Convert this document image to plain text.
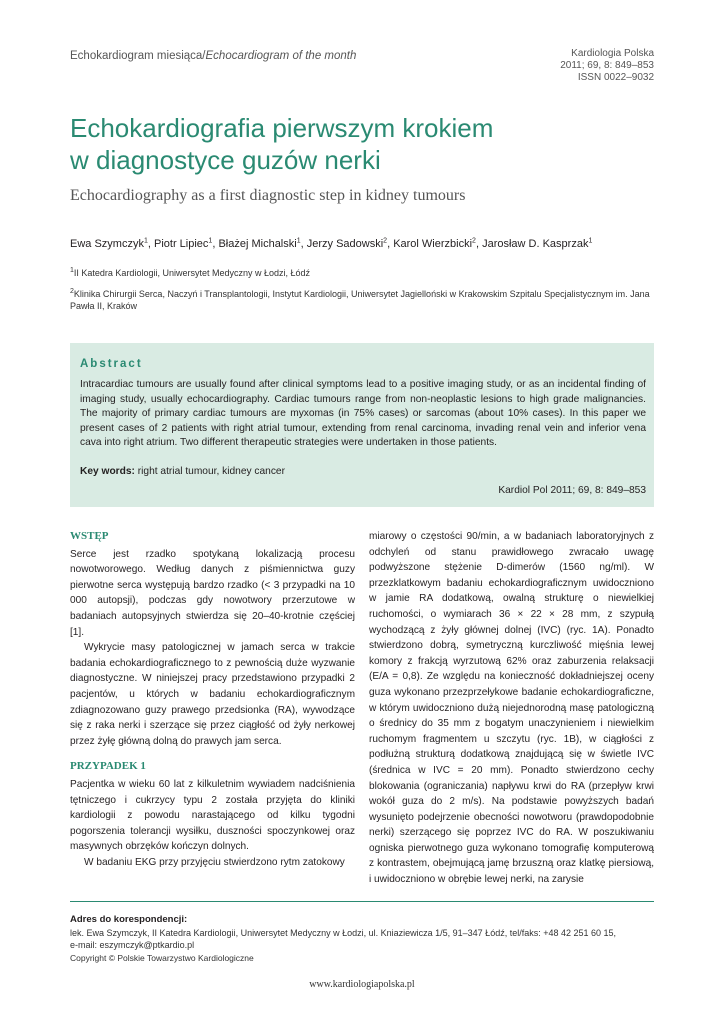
Echokardiogram miesiąca/Echocardiogram of the month	Kardiologia Polska
2011; 69, 8: 849–853
ISSN 0022–9032
Echokardiografia pierwszym krokiem
w diagnostyce guzów nerki
Echocardiography as a first diagnostic step in kidney tumours
Ewa Szymczyk$^1$, Piotr Lipiec$^1$, Błażej Michalski$^1$, Jerzy Sadowski$^2$, Karol Wierzbicki$^2$, Jarosław D. Kasprzak$^1$
$^1$II Katedra Kardiologii, Uniwersytet Medyczny w Łodzi, Łódź
$^2$Klinika Chirurgii Serca, Naczyń i Transplantologii, Instytut Kardiologii, Uniwersytet Jagielloński w Krakowskim Szpitalu Specjalistycznym im. Jana Pawła II, Kraków
Abstract
Intracardiac tumours are usually found after clinical symptoms lead to a positive imaging study, or as an incidental finding of imaging study, usually echocardiography. Cardiac tumours range from non-neoplastic lesions to high grade malignancies. The majority of primary cardiac tumours are myxomas (in 75% cases) or sarcomas (about 10% cases). In this paper we present cases of 2 patients with right atrial tumour, extending from renal carcinoma, invading renal vein and inferior vena cava into right atrium. Two different therapeutic strategies were undertaken in those patients.
Key words: right atrial tumour, kidney cancer
Kardiol Pol 2011; 69, 8: 849–853
WSTĘP
Serce jest rzadko spotykaną lokalizacją procesu nowotworowego. Według danych z piśmiennictwa guzy pierwotne serca występują bardzo rzadko (< 3 przypadki na 10 000 autopsji), podczas gdy nowotwory przerzutowe w badaniach autopsyjnych stwierdza się 20–40-krotnie częściej [1].
Wykrycie masy patologicznej w jamach serca w trakcie badania echokardiograficznego to z pewnością duże wyzwanie diagnostyczne. W niniejszej pracy przedstawiono przypadki 2 pacjentów, u których w badaniu echokardiograficznym zdiagnozowano guzy prawego przedsionka (RA), wywodzące się z raka nerki i szerzące się przez ciągłość od żyły nerkowej przez żyłę główną dolną do prawych jam serca.
PRZYPADEK 1
Pacjentka w wieku 60 lat z kilkuletnim wywiadem nadciśnienia tętniczego i cukrzycy typu 2 została przyjęta do kliniki kardiologii z powodu narastającego od kilku tygodni pogorszenia tolerancji wysiłku, duszności spoczynkowej oraz masywnych obrzęków kończyn dolnych.
W badaniu EKG przy przyjęciu stwierdzono rytm zatokowy
miarowy o częstości 90/min, a w badaniach laboratoryjnych z odchyleń od stanu prawidłowego zwracało uwagę podwyższone stężenie D-dimerów (1560 ng/ml). W przezklatkowym badaniu echokardiograficznym uwidoczniono w jamie RA dodatkową, owalną strukturę o niewielkiej ruchomości, o wymiarach 36 × 22 × 28 mm, z szypułą wychodzącą z żyły głównej dolnej (IVC) (ryc. 1A). Ponadto stwierdzono dobrą, symetryczną kurczliwość mięśnia lewej komory z frakcją wyrzutową 62% oraz zaburzenia relaksacji (E/A = 0,8). Ze względu na konieczność dokładniejszej oceny guza wykonano przezprzełykowe badanie echokardiograficzne, w którym uwidoczniono dużą niejednorodną masę patologiczną o średnicy do 35 mm z bogatym unaczynieniem i niewielkim ruchomym fragmentem u szczytu (ryc. 1B), w ciągłości z podłużną strukturą dodatkową znajdującą się w świetle IVC (średnica w IVC = 20 mm). Ponadto stwierdzono cechy blokowania (ograniczania) napływu krwi do RA (przepływ krwi wokół guza do 2 m/s). Na podstawie powyższych badań wysunięto podejrzenie obecności nowotworu (prawdopodobnie nerki) szerzącego się poprzez IVC do RA. W poszukiwaniu ogniska pierwotnego guza wykonano tomografię komputerową z kontrastem, obejmującą jamę brzuszną oraz klatkę piersiową, i uwidoczniono w obrębie lewej nerki, na zarysie
Adres do korespondencji:
lek. Ewa Szymczyk, II Katedra Kardiologii, Uniwersytet Medyczny w Łodzi, ul. Kniaziewicza 1/5, 91–347 Łódź, tel/faks: +48 42 251 60 15,
e-mail: eszymczyk@ptkardio.pl
Copyright © Polskie Towarzystwo Kardiologiczne
www.kardiologiapolska.pl
